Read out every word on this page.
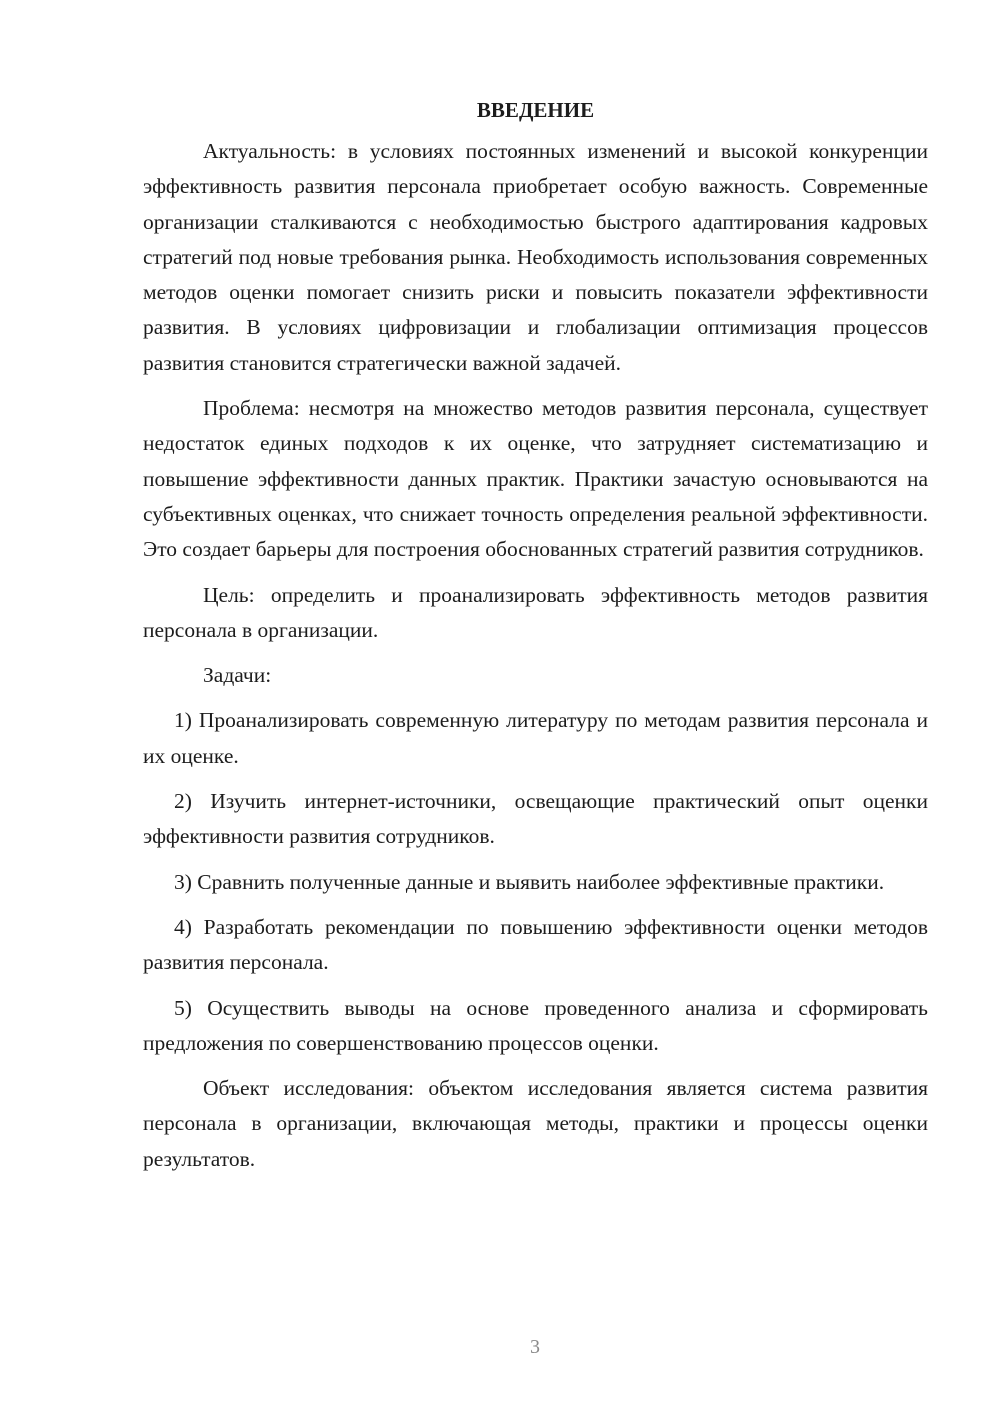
ВВЕДЕНИЕ

Актуальность: в условиях постоянных изменений и высокой конкуренции эффективность развития персонала приобретает особую важность. Современные организации сталкиваются с необходимостью быстрого адаптирования кадровых стратегий под новые требования рынка. Необходимость использования современных методов оценки помогает снизить риски и повысить показатели эффективности развития. В условиях цифровизации и глобализации оптимизация процессов развития становится стратегически важной задачей.

Проблема: несмотря на множество методов развития персонала, существует недостаток единых подходов к их оценке, что затрудняет систематизацию и повышение эффективности данных практик. Практики зачастую основываются на субъективных оценках, что снижает точность определения реальной эффективности. Это создает барьеры для построения обоснованных стратегий развития сотрудников.

Цель: определить и проанализировать эффективность методов развития персонала в организации.

Задачи:

1) Проанализировать современную литературу по методам развития персонала и их оценке.

2) Изучить интернет-источники, освещающие практический опыт оценки эффективности развития сотрудников.

3) Сравнить полученные данные и выявить наиболее эффективные практики.

4) Разработать рекомендации по повышению эффективности оценки методов развития персонала.

5) Осуществить выводы на основе проведенного анализа и сформировать предложения по совершенствованию процессов оценки.

Объект исследования: объектом исследования является система развития персонала в организации, включающая методы, практики и процессы оценки результатов.

3
